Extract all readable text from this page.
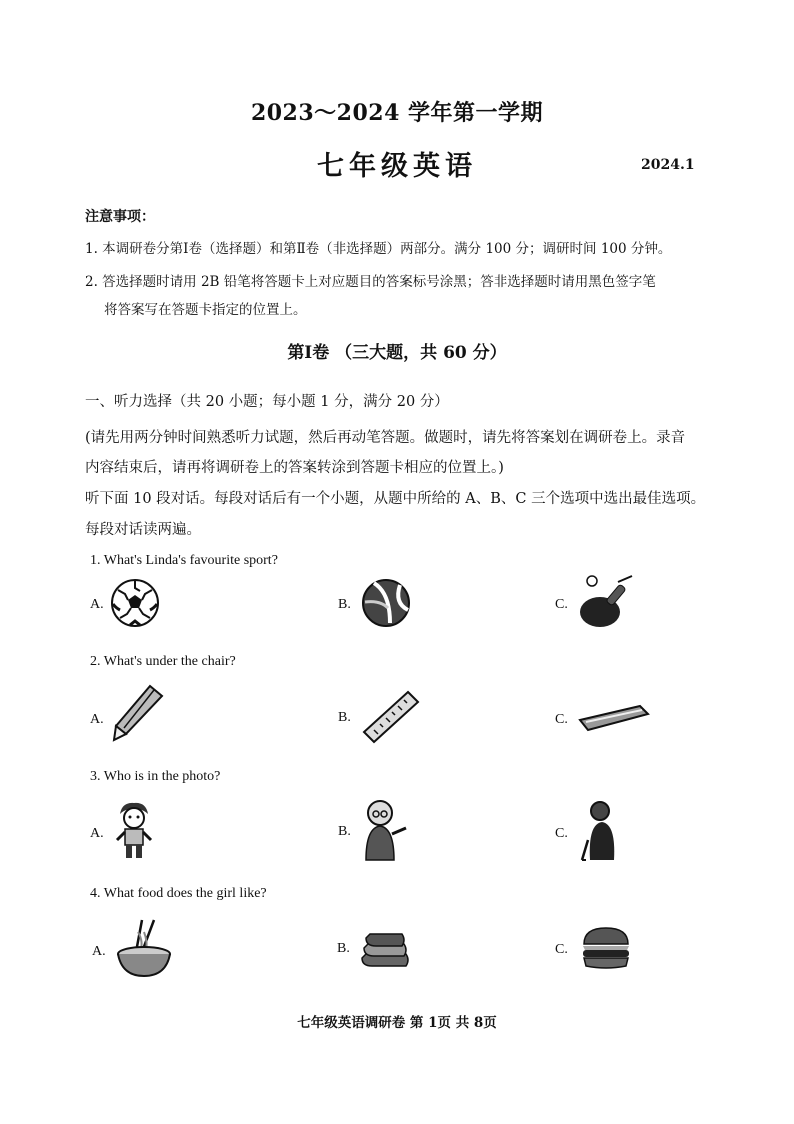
2023～2024 学年第一学期
七年级英语	2024.1
注意事项：
1. 本调研卷分第Ⅰ卷（选择题）和第Ⅱ卷（非选择题）两部分。满分 100 分；调研时间 100 分钟。
2. 答选择题时请用 2B 铅笔将答题卡上对应题目的答案标号涂黑；答非选择题时请用黑色签字笔
将答案写在答题卡指定的位置上。
第Ⅰ卷 （三大题，共 60 分）
一、听力选择（共 20 小题；每小题 1 分，满分 20 分）
(请先用两分钟时间熟悉听力试题，然后再动笔答题。做题时，请先将答案划在调研卷上。录音
内容结束后，请再将调研卷上的答案转涂到答题卡相应的位置上。)
听下面 10 段对话。每段对话后有一个小题，从题中所给的 A、B、C 三个选项中选出最佳选项。
每段对话读两遍。
1. What's Linda's favourite sport?
A.	B.	C.
2. What's under the chair?
A.	B.	C.
3. Who is in the photo?
A.	B.	C.
4. What food does the girl like?
A.	B.	C.
七年级英语调研卷 第 1页 共 8页
